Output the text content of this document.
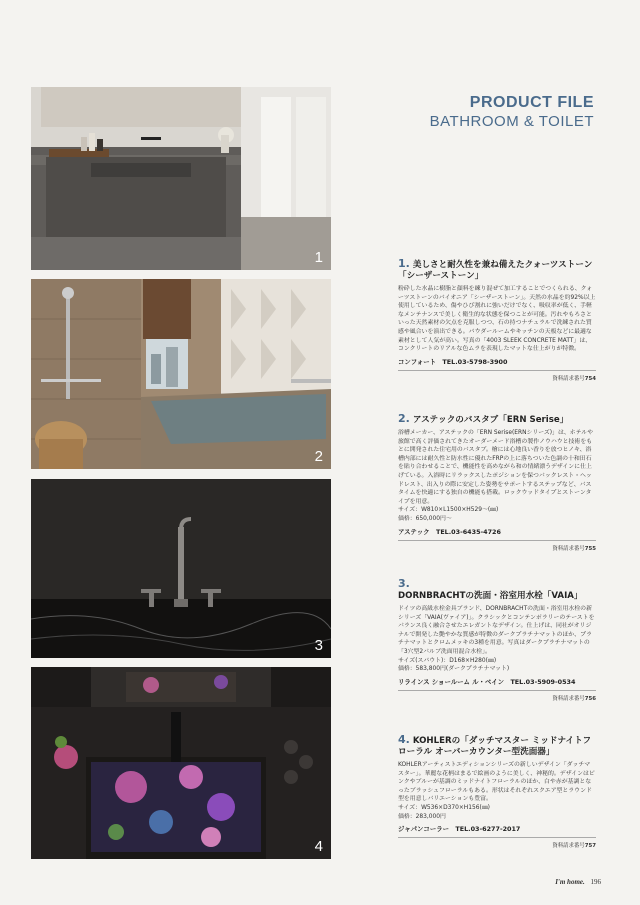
1
2
3
4
PRODUCT FILE
BATHROOM & TOILET
1. 美しさと耐久性を兼ね備えたクォーツストーン「シーザーストーン」
粉砕した水晶に樹脂と顔料を練り混ぜて加工することでつくられる、クォーツストーンのパイオニア「シーザーストーン」。天然の水晶を約92%以上使用しているため、傷やひび割れに強いだけでなく、吸収率が低く、手軽なメンテナンスで美しく衛生的な状態を保つことが可能。汚れやもろさといった天然素材の欠点を克服しつつ、石の持つナチュラルで洗練された質感や風合いを演出できる。パウダールームやキッチンの天板などに最適な素材として人気が高い。写真の「4003 SLEEK CONCRETE MATT」は、コンクリートのリアルな色ムラを表現したマットな仕上がりが特徴。
コンフォート　TEL.03-5798-3900
資料請求番号754
2. アステックのバスタブ「ERN Serise」
浴槽メーカー、アステックの「ERN Serise(ERNシリーズ)」は、ホテルや旅館で高く評価されてきたオーダーメード浴槽の製作ノウハウと技術をもとに開発された住宅用のバスタブ。檜には心地良い香りを放つヒノキ、浴槽内部には耐久性と防水性に優れたFRPの上に落ちついた色調の十和田石を貼り合わせることで、機能性を高めながら和の情緒漂うデザインに仕上げている。入浴時にリラックスしたポジションを保つバックレスト・ヘッドレスト、出入りの際に安定した姿勢をサポートするステップなど、バスタイムを快適にする独自の機能も搭載。ロックウッドタイプとストーンタイプを用意。
サイズ：W810×L1500×H529〜(㎜)
価格：650,000円〜
アステック　TEL.03-6435-4726
資料請求番号755
3. DORNBRACHTの洗面・浴室用水栓「VAIA」
ドイツの高級水栓金具ブランド、DORNBRACHTの洗面・浴室用水栓の新シリーズ「VAIA(ヴァイア)」。クラシックとコンテンポラリーのテーストをバランス良く融合させたエレガントなデザイン。仕上げは、同社がオリジナルで開発した艶やかな質感が特徴のダークプラチナマットのほか、プラチナマットとクロムメッキの3種を用意。写真はダークプラチナマットの「3穴型2バルブ洗面用混合水栓」。
サイズ(スパウト)：D168×H280(㎜)
価格：583,800円(ダークプラチナマット)
リラインス ショールーム ル・ベイン　TEL.03-5909-0534
資料請求番号756
4. KOHLERの「ダッチマスター ミッドナイトフローラル オーバーカウンター型洗面器」
KOHLERアーティストエディションシリーズの新しいデザイン「ダッチマスター」。華麗な花柄はまるで絵画のように美しく、神秘的。デザインはピンクやブルーが基調のミッドナイトフローラルのほか、白や赤が基調となったブラッシュフローラルもある。形状はそれぞれスクエア型とラウンド型を用意しバリエーションも豊富。
サイズ：W536×D370×H156(㎜)
価格：283,000円
ジャパンコーラー　TEL.03-6277-2017
資料請求番号757
I'm home. 196
